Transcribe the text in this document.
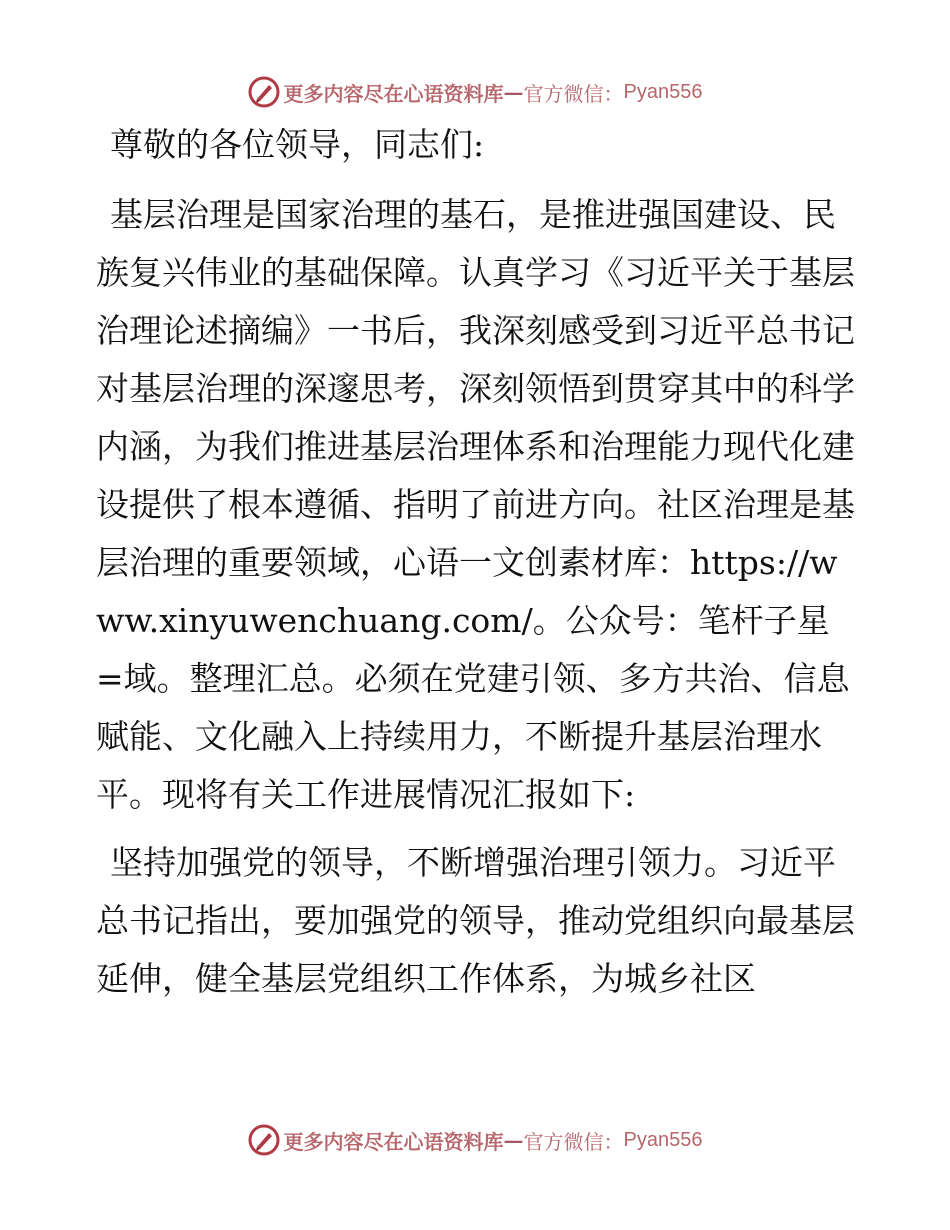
更多内容尽在心语资料库 — 官方微信： Pyan556

尊敬的各位领导，同志们:

基层治理是国家治理的基石，是推进强国建设、民族复兴伟业的基础保障。认真学习《习近平关于基层治理论述摘编》一书后，我深刻感受到习近平总书记对基层治理的深邃思考，深刻领悟到贯穿其中的科学内涵，为我们推进基层治理体系和治理能力现代化建设提供了根本遵循、指明了前进方向。社区治理是基层治理的重要领域，心语一文创素材库：https://www.xinyuwenchuang.com/。公众号：笔杆子星=域。整理汇总。必须在党建引领、多方共治、信息赋能、文化融入上持续用力，不断提升基层治理水平。现将有关工作进展情况汇报如下:

坚持加强党的领导，不断增强治理引领力。习近平总书记指出，要加强党的领导，推动党组织向最基层延伸，健全基层党组织工作体系，为城乡社区

更多内容尽在心语资料库 — 官方微信： Pyan556
